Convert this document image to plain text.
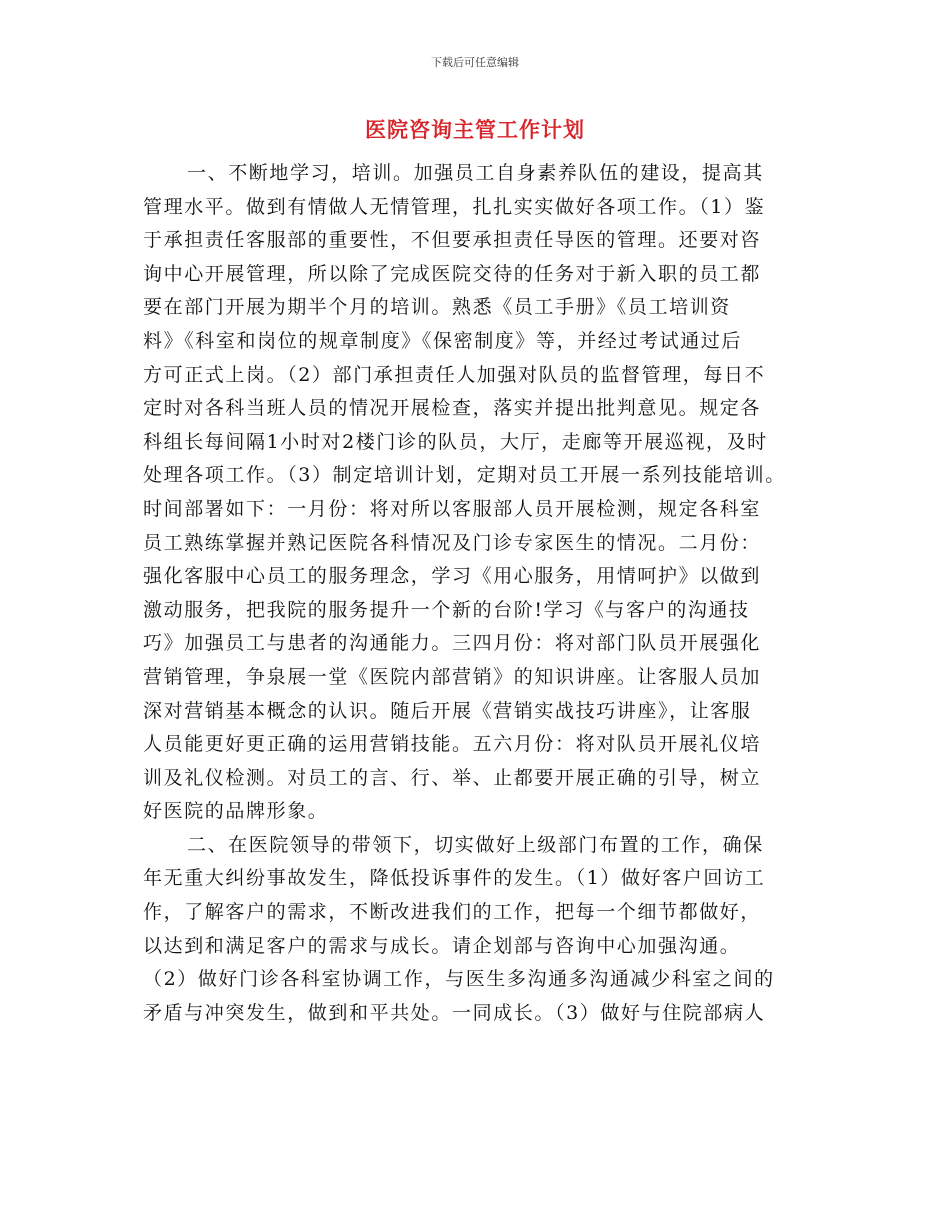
下载后可任意编辑
医院咨询主管工作计划
一、不断地学习，培训。加强员工自身素养队伍的建设，提高其
管理水平。做到有情做人无情管理，扎扎实实做好各项工作。（1）鉴
于承担责任客服部的重要性，不但要承担责任导医的管理。还要对咨
询中心开展管理，所以除了完成医院交待的任务对于新入职的员工都
要在部门开展为期半个月的培训。熟悉《员工手册》《员工培训资
料》《科室和岗位的规章制度》《保密制度》等，并经过考试通过后
方可正式上岗。（2）部门承担责任人加强对队员的监督管理，每日不
定时对各科当班人员的情况开展检查，落实并提出批判意见。规定各
科组长每间隔1小时对2楼门诊的队员，大厅，走廊等开展巡视，及时
处理各项工作。（3）制定培训计划，定期对员工开展一系列技能培训。
时间部署如下：一月份：将对所以客服部人员开展检测，规定各科室
员工熟练掌握并熟记医院各科情况及门诊专家医生的情况。二月份：
强化客服中心员工的服务理念，学习《用心服务，用情呵护》以做到
激动服务，把我院的服务提升一个新的台阶!学习《与客户的沟通技
巧》加强员工与患者的沟通能力。三四月份：将对部门队员开展强化
营销管理，争泉展一堂《医院内部营销》的知识讲座。让客服人员加
深对营销基本概念的认识。随后开展《营销实战技巧讲座》，让客服
人员能更好更正确的运用营销技能。五六月份：将对队员开展礼仪培
训及礼仪检测。对员工的言、行、举、止都要开展正确的引导，树立
好医院的品牌形象。
二、在医院领导的带领下，切实做好上级部门布置的工作，确保
年无重大纠纷事故发生，降低投诉事件的发生。（1）做好客户回访工
作，了解客户的需求，不断改进我们的工作，把每一个细节都做好，
以达到和满足客户的需求与成长。请企划部与咨询中心加强沟通。
（2）做好门诊各科室协调工作，与医生多沟通多沟通减少科室之间的
矛盾与冲突发生，做到和平共处。一同成长。（3）做好与住院部病人
